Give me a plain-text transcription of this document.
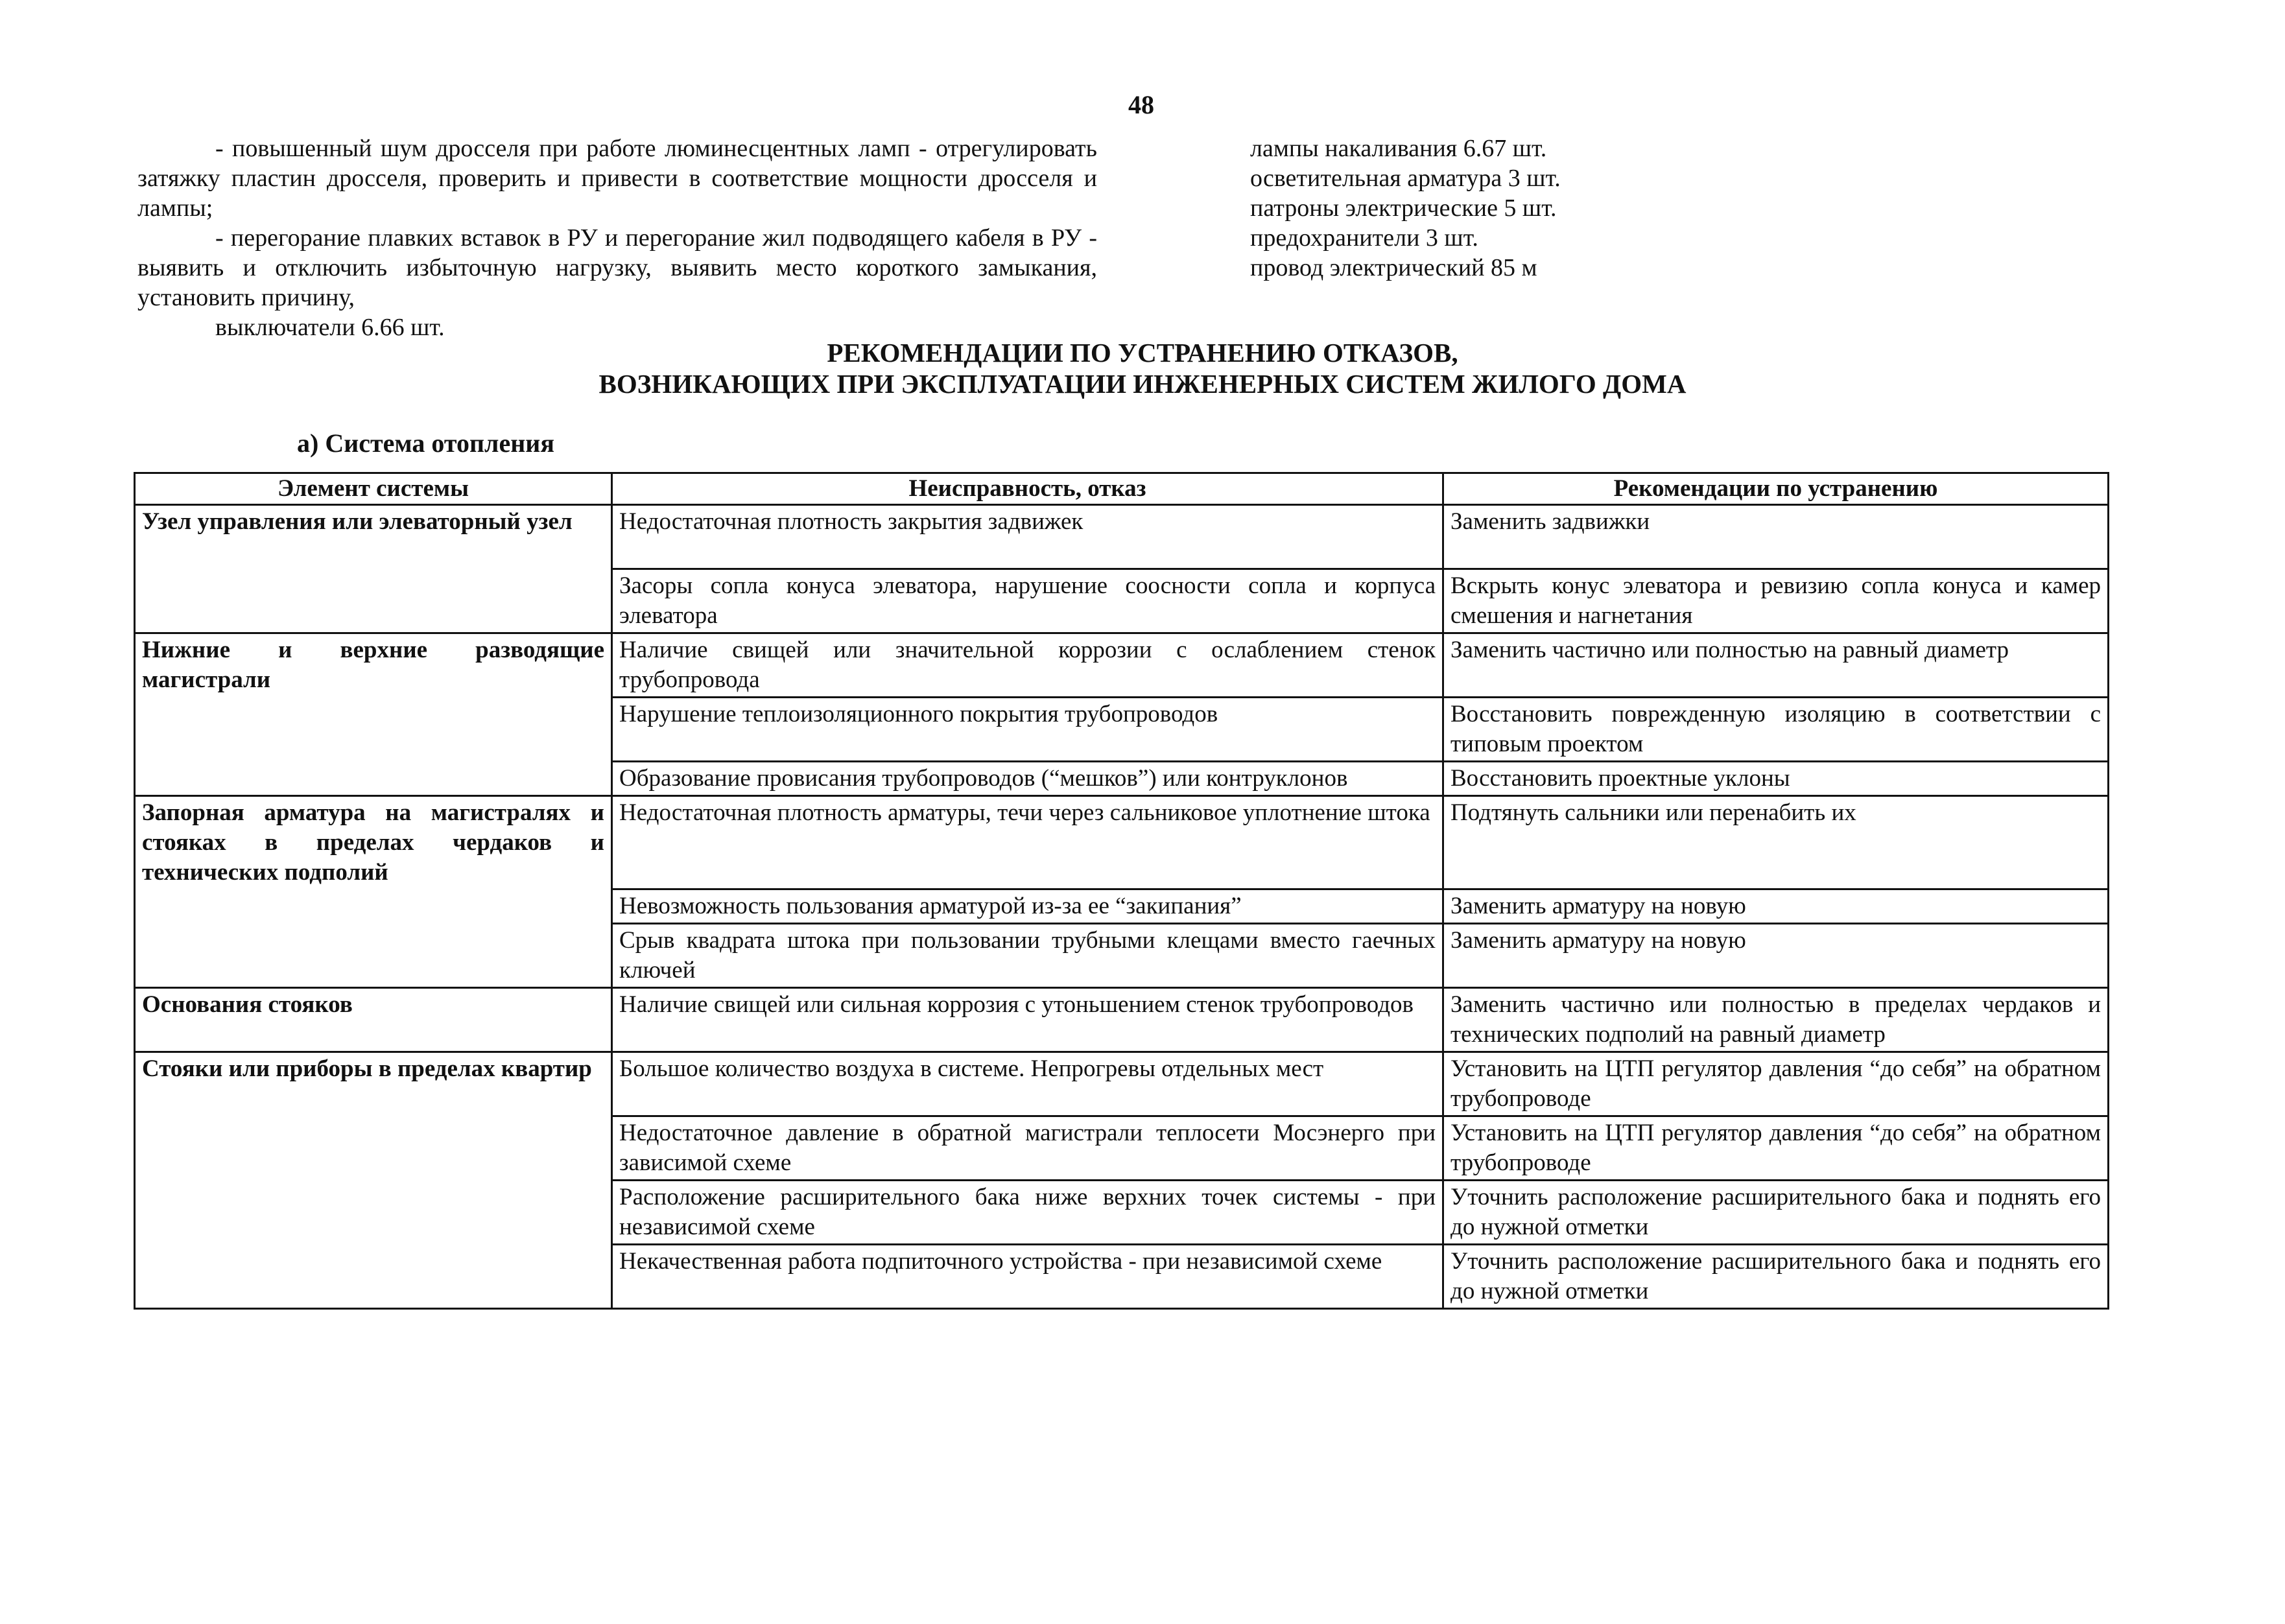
48

- повышенный шум дросселя при работе люминесцентных ламп - отрегулировать затяжку пластин дросселя, проверить и привести в соответствие мощности дросселя и лампы;

- перегорание плавких вставок в РУ и перегорание жил подводящего кабеля в РУ - выявить и отключить избыточную нагрузку, выявить место короткого замыкания, установить причину,

выключатели 6.66 шт.

лампы накаливания 6.67 шт.
осветительная арматура 3 шт.
патроны электрические 5 шт.
предохранители 3 шт.
провод электрический 85 м
РЕКОМЕНДАЦИИ ПО УСТРАНЕНИЮ ОТКАЗОВ,
ВОЗНИКАЮЩИХ ПРИ ЭКСПЛУАТАЦИИ ИНЖЕНЕРНЫХ СИСТЕМ ЖИЛОГО ДОМА
а) Система отопления
Элемент системы	Неисправность, отказ	Рекомендации по устранению
Узел управления или элеваторный узел	Недостаточная плотность закрытия задвижек	Заменить задвижки
	Засоры сопла конуса элеватора, нарушение соосности сопла и корпуса элеватора	Вскрыть конус элеватора и ревизию сопла конуса и камер смешения и нагнетания
Нижние и верхние разводящие магистрали	Наличие свищей или значительной коррозии с ослаблением стенок трубопровода	Заменить частично или полностью на равный диаметр
	Нарушение теплоизоляционного покрытия трубопроводов	Восстановить поврежденную изоляцию в соответствии с типовым проектом
	Образование провисания трубопроводов (“мешков”) или контруклонов	Восстановить проектные уклоны
Запорная арматура на магистралях и стояках в пределах чердаков и технических подполий	Недостаточная плотность арматуры, течи через сальниковое уплотнение штока	Подтянуть сальники или перенабить их
	Невозможность пользования арматурой из-за ее “закипания”	Заменить арматуру на новую
	Срыв квадрата штока при пользовании трубными клещами вместо гаечных ключей	Заменить арматуру на новую
Основания стояков	Наличие свищей или сильная коррозия с утоньшением стенок трубопроводов	Заменить частично или полностью в пределах чердаков и технических подполий на равный диаметр
Стояки или приборы в пределах квартир	Большое количество воздуха в системе. Непрогревы отдельных мест	Установить на ЦТП регулятор давления “до себя” на обратном трубопроводе
	Недостаточное давление в обратной магистрали теплосети Мосэнерго при зависимой схеме	Установить на ЦТП регулятор давления “до себя” на обратном трубопроводе
	Расположение расширительного бака ниже верхних точек системы - при независимой схеме	Уточнить расположение расширительного бака и поднять его до нужной отметки
	Некачественная работа подпиточного устройства - при независимой схеме	Уточнить расположение расширительного бака и поднять его до нужной отметки
